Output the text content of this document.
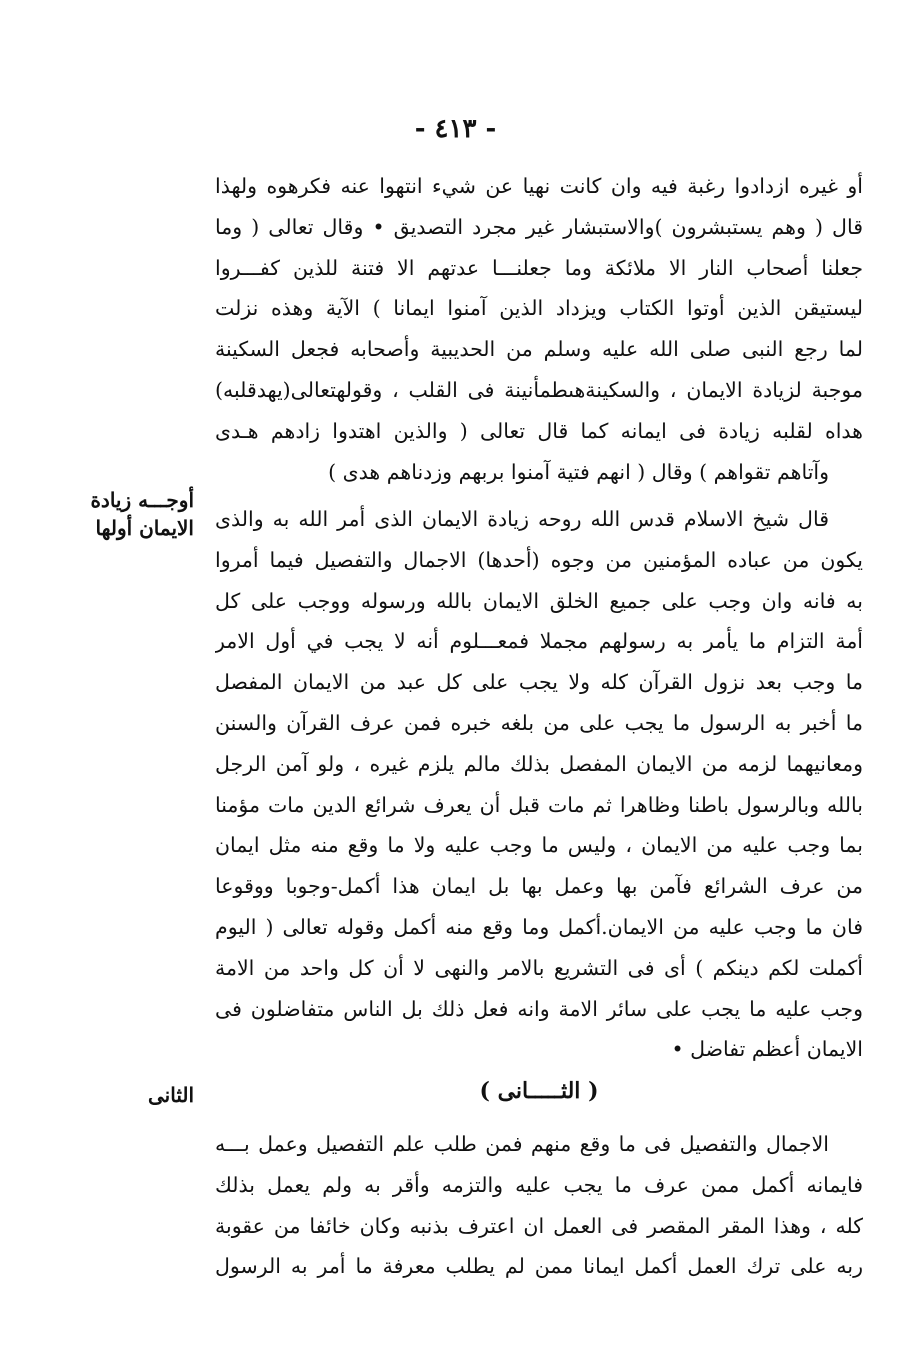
- ٤١٣ -
أو غيره ازدادوا رغبة فيه وان كانت نهيا عن شيء انتهوا عنه فكرهوه ولهذا
قال ( وهم يستبشرون )والاستبشار غير مجرد التصديق • وقال تعالى ( وما
جعلنا أصحاب النار الا ملائكة وما جعلنـــا عدتهم الا فتنة للذين كفـــروا
ليستيقن الذين أوتوا الكتاب ويزداد الذين آمنوا ايمانا ) الآية وهذه نزلت
لما رجع النبى صلى الله عليه وسلم من الحديبية وأصحابه فجعل السكينة
موجبة لزيادة الايمان ، والسكينةهىطمأنينة فى القلب ، وقولهتعالى(يهدقلبه)
هداه لقلبه زيادة فى ايمانه كما قال تعالى ( والذين اهتدوا زادهم هـدى
وآتاهم تقواهم ) وقال ( انهم فتية آمنوا بربهم وزدناهم هدى )
قال شيخ الاسلام قدس الله روحه زيادة الايمان الذى أمر الله به والذى
يكون من عباده المؤمنين من وجوه (أحدها) الاجمال والتفصيل فيما أمروا
به فانه وان وجب على جميع الخلق الايمان بالله ورسوله ووجب على كل
أمة التزام ما يأمر به رسولهم مجملا فمعـــلوم أنه لا يجب في أول الامر
ما وجب بعد نزول القرآن كله ولا يجب على كل عبد من الايمان المفصل
ما أخبر به الرسول ما يجب على من بلغه خبره فمن عرف القرآن والسنن
ومعانيهما لزمه من الايمان المفصل بذلك مالم يلزم غيره ، ولو آمن الرجل
بالله وبالرسول باطنا وظاهرا ثم مات قبل أن يعرف شرائع الدين مات مؤمنا
بما وجب عليه من الايمان ، وليس ما وجب عليه ولا ما وقع منه مثل ايمان
من عرف الشرائع فآمن بها وعمل بها بل ايمان هذا أكمل-وجوبا ووقوعا
فان ما وجب عليه من الايمان.أكمل وما وقع منه أكمل وقوله تعالى ( اليوم
أكملت لكم دينكم ) أى فى التشريع بالامر والنهى لا أن كل واحد من الامة
وجب عليه ما يجب على سائر الامة وانه فعل ذلك بل الناس متفاضلون فى
الايمان أعظم تفاضل •
أوجـــه زيادة
الايمان أولها
( الثـــــانى )
الثانى
الاجمال والتفصيل فى ما وقع منهم فمن طلب علم التفصيل وعمل بـــه
فايمانه أكمل ممن عرف ما يجب عليه والتزمه وأقر به ولم يعمل بذلك
كله ، وهذا المقر المقصر فى العمل ان اعترف بذنبه وكان خائفا من عقوبة
ربه على ترك العمل أكمل ايمانا ممن لم يطلب معرفة ما أمر به الرسول
